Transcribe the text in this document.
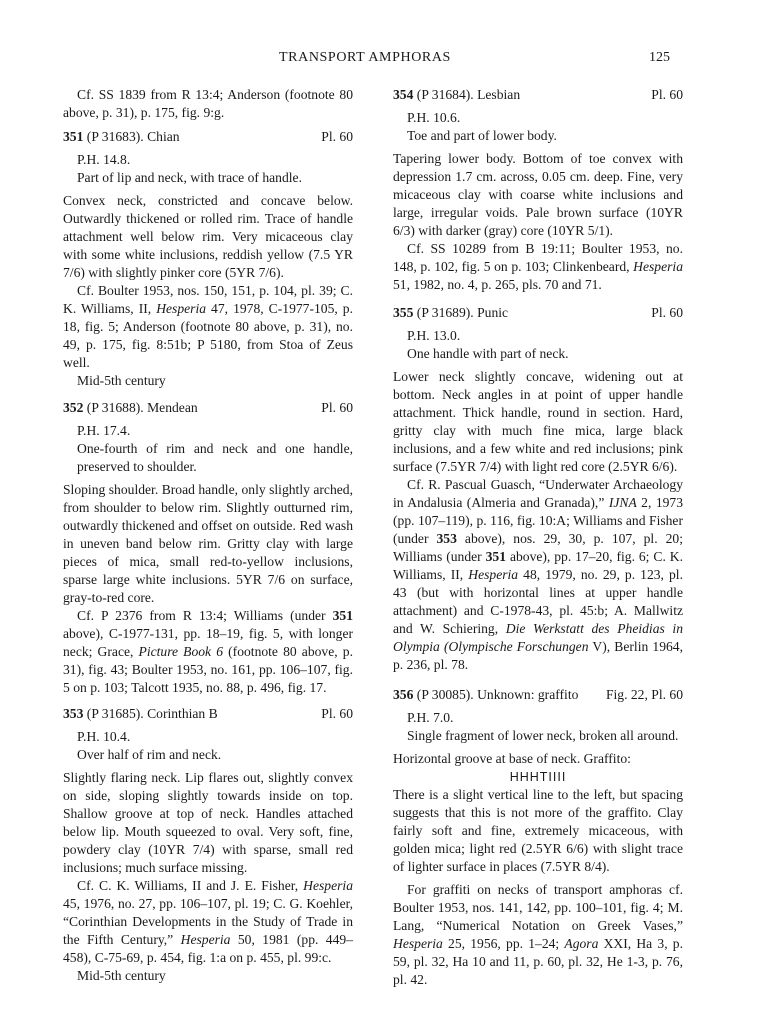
TRANSPORT AMPHORAS	125

Cf. SS 1839 from R 13:4; Anderson (footnote 80 above, p. 31), p. 175, fig. 9:g.

351 (P 31683). Chian	Pl. 60

P.H. 14.8.

Part of lip and neck, with trace of handle.

Convex neck, constricted and concave below. Outwardly thickened or rolled rim. Trace of handle attachment well below rim. Very micaceous clay with some white inclusions, reddish yellow (7.5 YR 7/6) with slightly pinker core (5YR 7/6).

Cf. Boulter 1953, nos. 150, 151, p. 104, pl. 39; C. K. Williams, II, Hesperia 47, 1978, C-1977-105, p. 18, fig. 5; Anderson (footnote 80 above, p. 31), no. 49, p. 175, fig. 8:51b; P 5180, from Stoa of Zeus well.

Mid-5th century

352 (P 31688). Mendean	Pl. 60

P.H. 17.4.

One-fourth of rim and neck and one handle, preserved to shoulder.

Sloping shoulder. Broad handle, only slightly arched, from shoulder to below rim. Slightly outturned rim, outwardly thickened and offset on outside. Red wash in uneven band below rim. Gritty clay with large pieces of mica, small red-to-yellow inclusions, sparse large white inclusions. 5YR 7/6 on surface, gray-to-red core.

Cf. P 2376 from R 13:4; Williams (under 351 above), C-1977-131, pp. 18–19, fig. 5, with longer neck; Grace, Picture Book 6 (footnote 80 above, p. 31), fig. 43; Boulter 1953, no. 161, pp. 106–107, fig. 5 on p. 103; Talcott 1935, no. 88, p. 496, fig. 17.

353 (P 31685). Corinthian B	Pl. 60

P.H. 10.4.

Over half of rim and neck.

Slightly flaring neck. Lip flares out, slightly convex on side, sloping slightly towards inside on top. Shallow groove at top of neck. Handles attached below lip. Mouth squeezed to oval. Very soft, fine, powdery clay (10YR 7/4) with sparse, small red inclusions; much surface missing.

Cf. C. K. Williams, II and J. E. Fisher, Hesperia 45, 1976, no. 27, pp. 106–107, pl. 19; C. G. Koehler, “Corinthian Developments in the Study of Trade in the Fifth Century,” Hesperia 50, 1981 (pp. 449–458), C-75-69, p. 454, fig. 1:a on p. 455, pl. 99:c.

Mid-5th century

354 (P 31684). Lesbian	Pl. 60

P.H. 10.6.

Toe and part of lower body.

Tapering lower body. Bottom of toe convex with depression 1.7 cm. across, 0.05 cm. deep. Fine, very micaceous clay with coarse white inclusions and large, irregular voids. Pale brown surface (10YR 6/3) with darker (gray) core (10YR 5/1).

Cf. SS 10289 from B 19:11; Boulter 1953, no. 148, p. 102, fig. 5 on p. 103; Clinkenbeard, Hesperia 51, 1982, no. 4, p. 265, pls. 70 and 71.

355 (P 31689). Punic	Pl. 60

P.H. 13.0.

One handle with part of neck.

Lower neck slightly concave, widening out at bottom. Neck angles in at point of upper handle attachment. Thick handle, round in section. Hard, gritty clay with much fine mica, large black inclusions, and a few white and red inclusions; pink surface (7.5YR 7/4) with light red core (2.5YR 6/6).

Cf. R. Pascual Guasch, “Underwater Archaeology in Andalusia (Almeria and Granada),” IJNA 2, 1973 (pp. 107–119), p. 116, fig. 10:A; Williams and Fisher (under 353 above), nos. 29, 30, p. 107, pl. 20; Williams (under 351 above), pp. 17–20, fig. 6; C. K. Williams, II, Hesperia 48, 1979, no. 29, p. 123, pl. 43 (but with horizontal lines at upper handle attachment) and C-1978-43, pl. 45:b; A. Mallwitz and W. Schiering, Die Werkstatt des Pheidias in Olympia (Olympische Forschungen V), Berlin 1964, p. 236, pl. 78.

356 (P 30085). Unknown: graffito Fig. 22, Pl. 60

P.H. 7.0.

Single fragment of lower neck, broken all around.

Horizontal groove at base of neck. Graffito:

HHHTIIII

There is a slight vertical line to the left, but spacing suggests that this is not more of the graffito. Clay fairly soft and fine, extremely micaceous, with golden mica; light red (2.5YR 6/6) with slight trace of lighter surface in places (7.5YR 8/4).

For graffiti on necks of transport amphoras cf. Boulter 1953, nos. 141, 142, pp. 100–101, fig. 4; M. Lang, “Numerical Notation on Greek Vases,” Hesperia 25, 1956, pp. 1–24; Agora XXI, Ha 3, p. 59, pl. 32, Ha 10 and 11, p. 60, pl. 32, He 1-3, p. 76, pl. 42.
